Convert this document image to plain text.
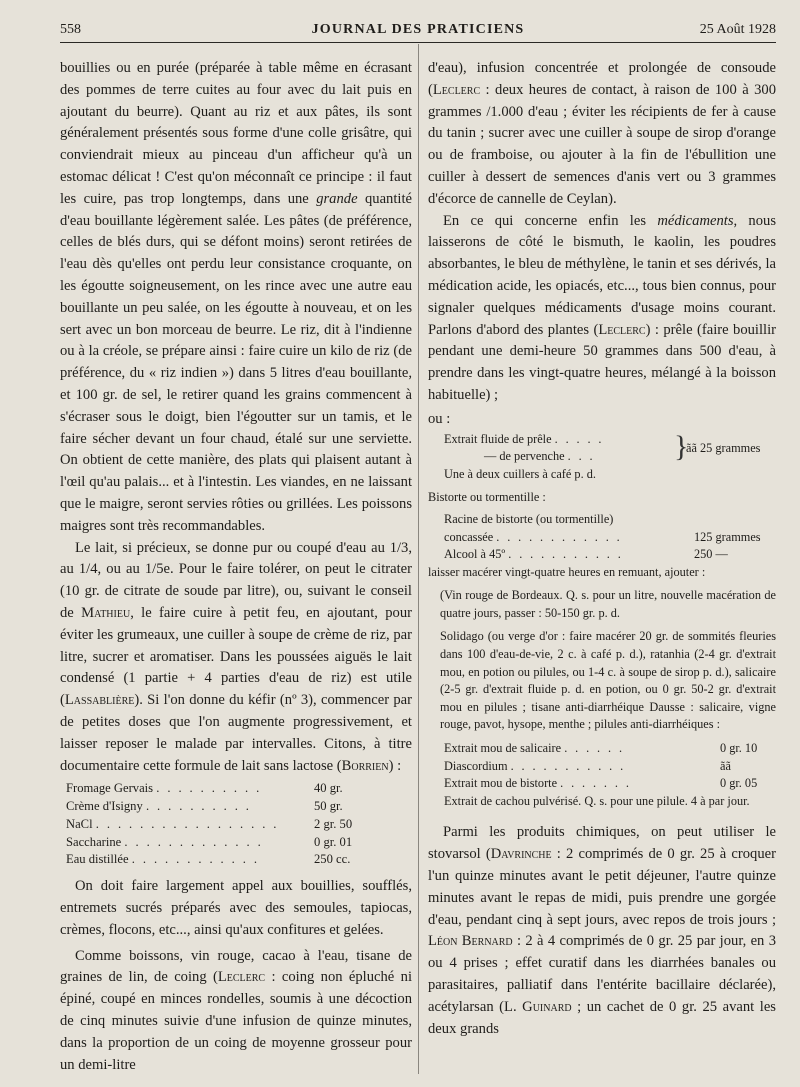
558	JOURNAL DES PRATICIENS	25 Août 1928

bouillies ou en purée (préparée à table même en écrasant des pommes de terre cuites au four avec du lait puis en ajoutant du beurre). Quant au riz et aux pâtes, ils sont généralement présentés sous forme d'une colle grisâtre, qui conviendrait mieux au pinceau d'un afficheur qu'à un estomac délicat ! C'est qu'on méconnaît ce principe : il faut les cuire, pas trop longtemps, dans une grande quantité d'eau bouillante légèrement salée. Les pâtes (de préférence, celles de blés durs, qui se défont moins) seront retirées de l'eau dès qu'elles ont perdu leur consistance croquante, on les égoutte soigneusement, on les rince avec une autre eau bouillante un peu salée, on les égoutte à nouveau, et on les sert avec un bon morceau de beurre. Le riz, dit à l'indienne ou à la créole, se prépare ainsi : faire cuire un kilo de riz (de préférence, du « riz indien ») dans 5 litres d'eau bouillante, et 100 gr. de sel, le retirer quand les grains commencent à s'écraser sous le doigt, bien l'égoutter sur un tamis, et le faire sécher devant un four chaud, étalé sur une serviette. On obtient de cette manière, des plats qui plaisent autant à l'œil qu'au palais... et à l'intestin. Les viandes, en ne laissant que le maigre, seront servies rôties ou grillées. Les poissons maigres sont très recommandables.

Le lait, si précieux, se donne pur ou coupé d'eau au 1/3, au 1/4, ou au 1/5e. Pour le faire tolérer, on peut le citrater (10 gr. de citrate de soude par litre), ou, suivant le conseil de Mathieu, le faire cuire à petit feu, en ajoutant, pour éviter les grumeaux, une cuiller à soupe de crème de riz, par litre, sucrer et aromatiser. Dans les poussées aiguës le lait condensé (1 partie + 4 parties d'eau de riz) est utile (Lassablière). Si l'on donne du kéfir (nº 3), commencer par de petites doses que l'on augmente progressivement, et laisser reposer le malade par intervalles. Citons, à titre documentaire cette formule de lait sans lactose (Borrien) :

Fromage Gervais . . . . . . . . . .	40 gr.
Crème d'Isigny . . . . . . . . . .	50 gr.
NaCl . . . . . . . . . . . . . . . . .	2 gr. 50
Saccharine . . . . . . . . . . . . .	0 gr. 01
Eau distillée . . . . . . . . . . . .	250 cc.

On doit faire largement appel aux bouillies, soufflés, entremets sucrés préparés avec des semoules, tapiocas, crèmes, flocons, etc..., ainsi qu'aux confitures et gelées.

Comme boissons, vin rouge, cacao à l'eau, tisane de graines de lin, de coing (Leclerc : coing non épluché ni épiné, coupé en minces rondelles, soumis à une décoction de cinq minutes suivie d'une infusion de quinze minutes, dans la proportion de un coing de moyenne grosseur pour un demi-litre

d'eau), infusion concentrée et prolongée de consoude (Leclerc : deux heures de contact, à raison de 100 à 300 grammes /1.000 d'eau ; éviter les récipients de fer à cause du tanin ; sucrer avec une cuiller à soupe de sirop d'orange ou de framboise, ou ajouter à la fin de l'ébullition une cuiller à dessert de semences d'anis vert ou 3 grammes d'écorce de cannelle de Ceylan).

En ce qui concerne enfin les médicaments, nous laisserons de côté le bismuth, le kaolin, les poudres absorbantes, le bleu de méthylène, le tanin et ses dérivés, la médication acide, les opiacés, etc..., tous bien connus, pour signaler quelques médicaments d'usage moins courant. Parlons d'abord des plantes (Leclerc) : prêle (faire bouillir pendant une demi-heure 50 grammes dans 500 d'eau, à prendre dans les vingt-quatre heures, mélangé à la boisson habituelle) ;

ou :

Extrait fluide de prêle . . . . .
— de pervenche . . .	}
ãã 25 grammes
Une à deux cuillers à café p. d.
Bistorte ou tormentille :
Racine de bistorte (ou tormentille)
concassée . . . . . . . . . . . .	125 grammes
Alcool à 45º . . . . . . . . . . .	250 —
laisser macérer vingt-quatre heures en remuant, ajouter :
(Vin rouge de Bordeaux. Q. s. pour un litre, nouvelle macération de quatre jours, passer : 50-150 gr. p. d.
Solidago (ou verge d'or : faire macérer 20 gr. de sommités fleuries dans 100 d'eau-de-vie, 2 c. à café p. d.), ratanhia (2-4 gr. d'extrait mou, en potion ou pilules, ou 1-4 c. à soupe de sirop p. d.), salicaire (2-5 gr. d'extrait fluide p. d. en potion, ou 0 gr. 50-2 gr. d'extrait mou en pilules ; tisane anti-diarrhéique Dausse : salicaire, vigne rouge, pavot, hysope, menthe ; pilules anti-diarrhéiques :
Extrait mou de salicaire . . . . . .	0 gr. 10
Diascordium . . . . . . . . . . .	ãã
Extrait mou de bistorte . . . . . . .	0 gr. 05
Extrait de cachou pulvérisé. Q. s. pour une pilule. 4 à par jour.

Parmi les produits chimiques, on peut utiliser le stovarsol (Davrinche : 2 comprimés de 0 gr. 25 à croquer l'un quinze minutes avant le petit déjeuner, l'autre quinze minutes avant le repas de midi, puis prendre une gorgée d'eau, pendant cinq à sept jours, avec repos de trois jours ; Léon Bernard : 2 à 4 comprimés de 0 gr. 25 par jour, en 3 ou 4 prises ; effet curatif dans les diarrhées banales ou parasitaires, palliatif dans l'entérite bacillaire déclarée), acétylarsan (L. Guinard ; un cachet de 0 gr. 25 avant les deux grands
